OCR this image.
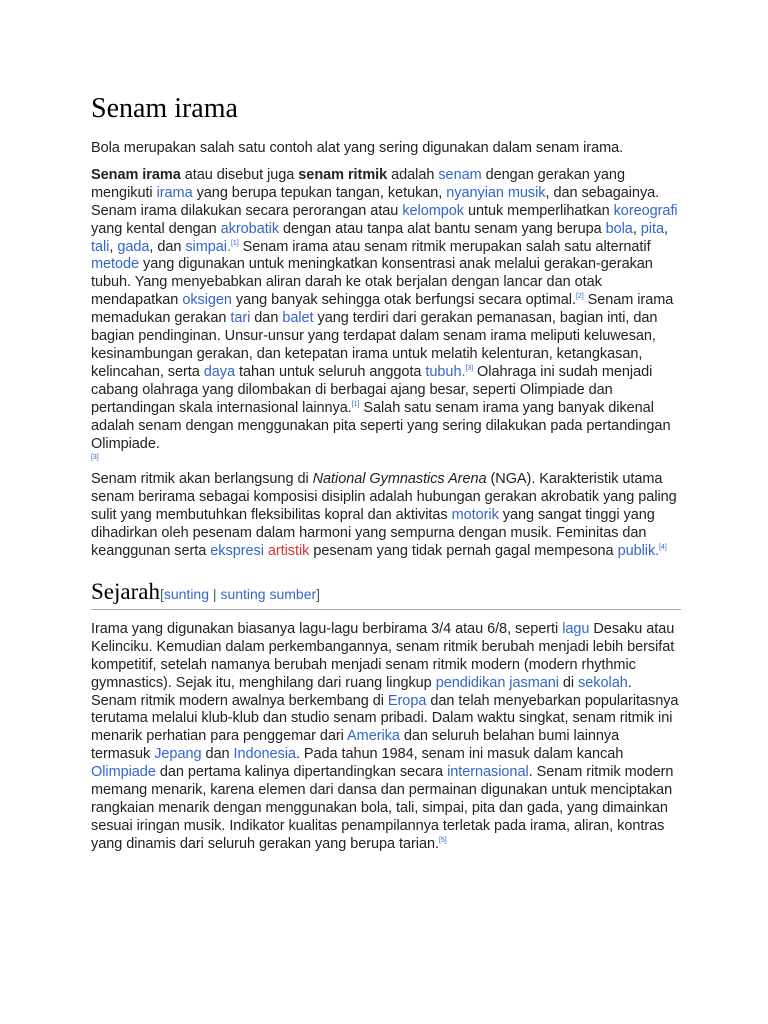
Senam irama

Bola merupakan salah satu contoh alat yang sering digunakan dalam senam irama.

Senam irama atau disebut juga senam ritmik adalah senam dengan gerakan yang mengikuti irama yang berupa tepukan tangan, ketukan, nyanyian musik, dan sebagainya. Senam irama dilakukan secara perorangan atau kelompok untuk memperlihatkan koreografi yang kental dengan akrobatik dengan atau tanpa alat bantu senam yang berupa bola, pita, tali, gada, dan simpai.[1] Senam irama atau senam ritmik merupakan salah satu alternatif metode yang digunakan untuk meningkatkan konsentrasi anak melalui gerakan-gerakan tubuh. Yang menyebabkan aliran darah ke otak berjalan dengan lancar dan otak mendapatkan oksigen yang banyak sehingga otak berfungsi secara optimal.[2] Senam irama memadukan gerakan tari dan balet yang terdiri dari gerakan pemanasan, bagian inti, dan bagian pendinginan. Unsur-unsur yang terdapat dalam senam irama meliputi keluwesan, kesinambungan gerakan, dan ketepatan irama untuk melatih kelenturan, ketangkasan, kelincahan, serta daya tahan untuk seluruh anggota tubuh.[3] Olahraga ini sudah menjadi cabang olahraga yang dilombakan di berbagai ajang besar, seperti Olimpiade dan pertandingan skala internasional lainnya.[1] Salah satu senam irama yang banyak dikenal adalah senam dengan menggunakan pita seperti yang sering dilakukan pada pertandingan Olimpiade.
[3]

Senam ritmik akan berlangsung di National Gymnastics Arena (NGA). Karakteristik utama senam berirama sebagai komposisi disiplin adalah hubungan gerakan akrobatik yang paling sulit yang membutuhkan fleksibilitas kopral dan aktivitas motorik yang sangat tinggi yang dihadirkan oleh pesenam dalam harmoni yang sempurna dengan musik. Feminitas dan keanggunan serta ekspresi artistik pesenam yang tidak pernah gagal mempesona publik.[4]

Sejarah[sunting | sunting sumber]

Irama yang digunakan biasanya lagu-lagu berbirama 3/4 atau 6/8, seperti lagu Desaku atau Kelinciku. Kemudian dalam perkembangannya, senam ritmik berubah menjadi lebih bersifat kompetitif, setelah namanya berubah menjadi senam ritmik modern (modern rhythmic gymnastics). Sejak itu, menghilang dari ruang lingkup pendidikan jasmani di sekolah. Senam ritmik modern awalnya berkembang di Eropa dan telah menyebarkan popularitasnya terutama melalui klub-klub dan studio senam pribadi. Dalam waktu singkat, senam ritmik ini menarik perhatian para penggemar dari Amerika dan seluruh belahan bumi lainnya termasuk Jepang dan Indonesia. Pada tahun 1984, senam ini masuk dalam kancah Olimpiade dan pertama kalinya dipertandingkan secara internasional. Senam ritmik modern memang menarik, karena elemen dari dansa dan permainan digunakan untuk menciptakan rangkaian menarik dengan menggunakan bola, tali, simpai, pita dan gada, yang dimainkan sesuai iringan musik. Indikator kualitas penampilannya terletak pada irama, aliran, kontras yang dinamis dari seluruh gerakan yang berupa tarian.[5]
